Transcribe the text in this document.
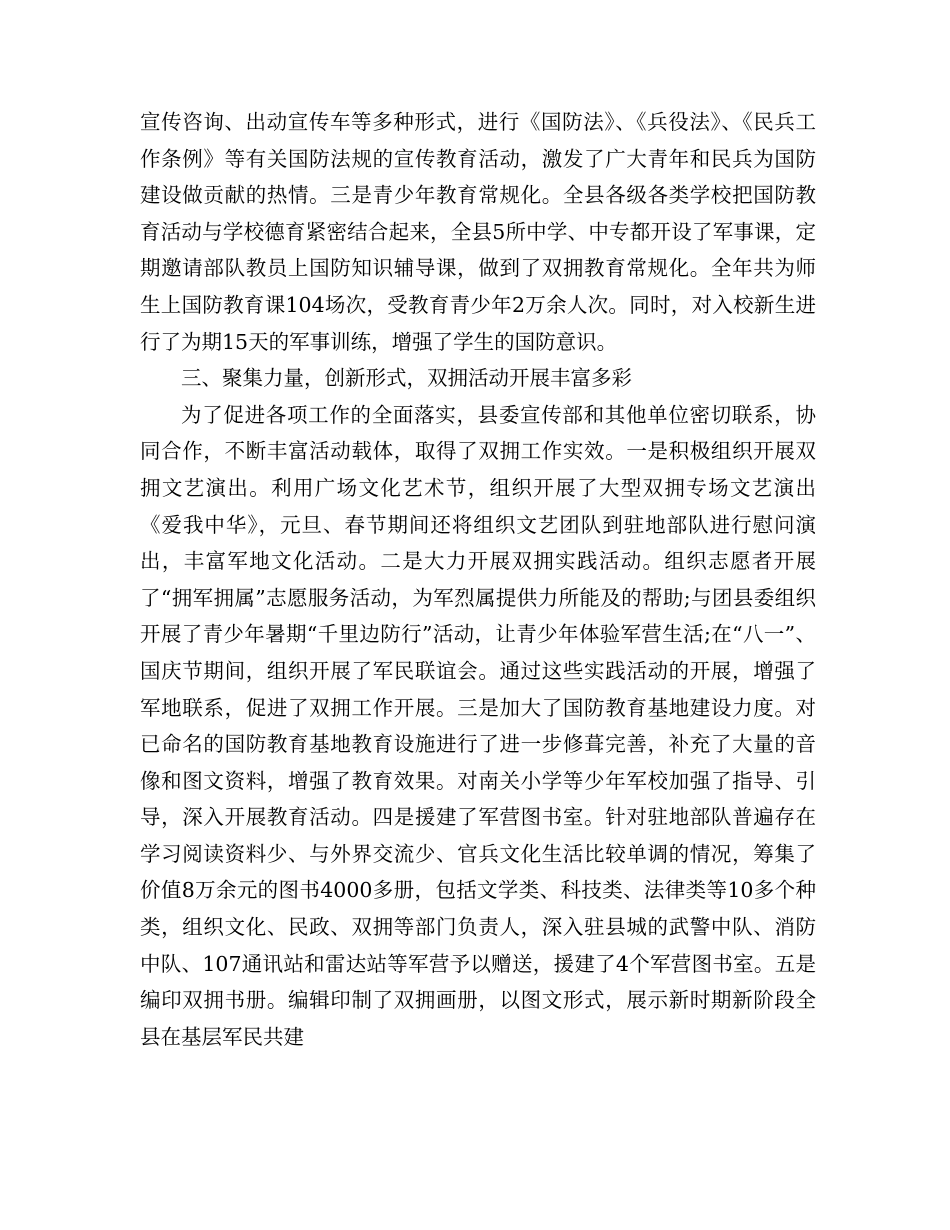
宣传咨询、出动宣传车等多种形式，进行《国防法》、《兵役法》、《民兵工作条例》等有关国防法规的宣传教育活动，激发了广大青年和民兵为国防建设做贡献的热情。三是青少年教育常规化。全县各级各类学校把国防教育活动与学校德育紧密结合起来，全县5所中学、中专都开设了军事课，定期邀请部队教员上国防知识辅导课，做到了双拥教育常规化。全年共为师生上国防教育课104场次，受教育青少年2万余人次。同时，对入校新生进行了为期15天的军事训练，增强了学生的国防意识。

三、聚集力量，创新形式，双拥活动开展丰富多彩

为了促进各项工作的全面落实，县委宣传部和其他单位密切联系，协同合作，不断丰富活动载体，取得了双拥工作实效。一是积极组织开展双拥文艺演出。利用广场文化艺术节，组织开展了大型双拥专场文艺演出《爱我中华》，元旦、春节期间还将组织文艺团队到驻地部队进行慰问演出，丰富军地文化活动。二是大力开展双拥实践活动。组织志愿者开展了“拥军拥属”志愿服务活动，为军烈属提供力所能及的帮助;与团县委组织开展了青少年暑期“千里边防行”活动，让青少年体验军营生活;在“八一”、国庆节期间，组织开展了军民联谊会。通过这些实践活动的开展，增强了军地联系，促进了双拥工作开展。三是加大了国防教育基地建设力度。对已命名的国防教育基地教育设施进行了进一步修葺完善，补充了大量的音像和图文资料，增强了教育效果。对南关小学等少年军校加强了指导、引导，深入开展教育活动。四是援建了军营图书室。针对驻地部队普遍存在学习阅读资料少、与外界交流少、官兵文化生活比较单调的情况，筹集了价值8万余元的图书4000多册，包括文学类、科技类、法律类等10多个种类，组织文化、民政、双拥等部门负责人，深入驻县城的武警中队、消防中队、107通讯站和雷达站等军营予以赠送，援建了4个军营图书室。五是编印双拥书册。编辑印制了双拥画册，以图文形式，展示新时期新阶段全县在基层军民共建
